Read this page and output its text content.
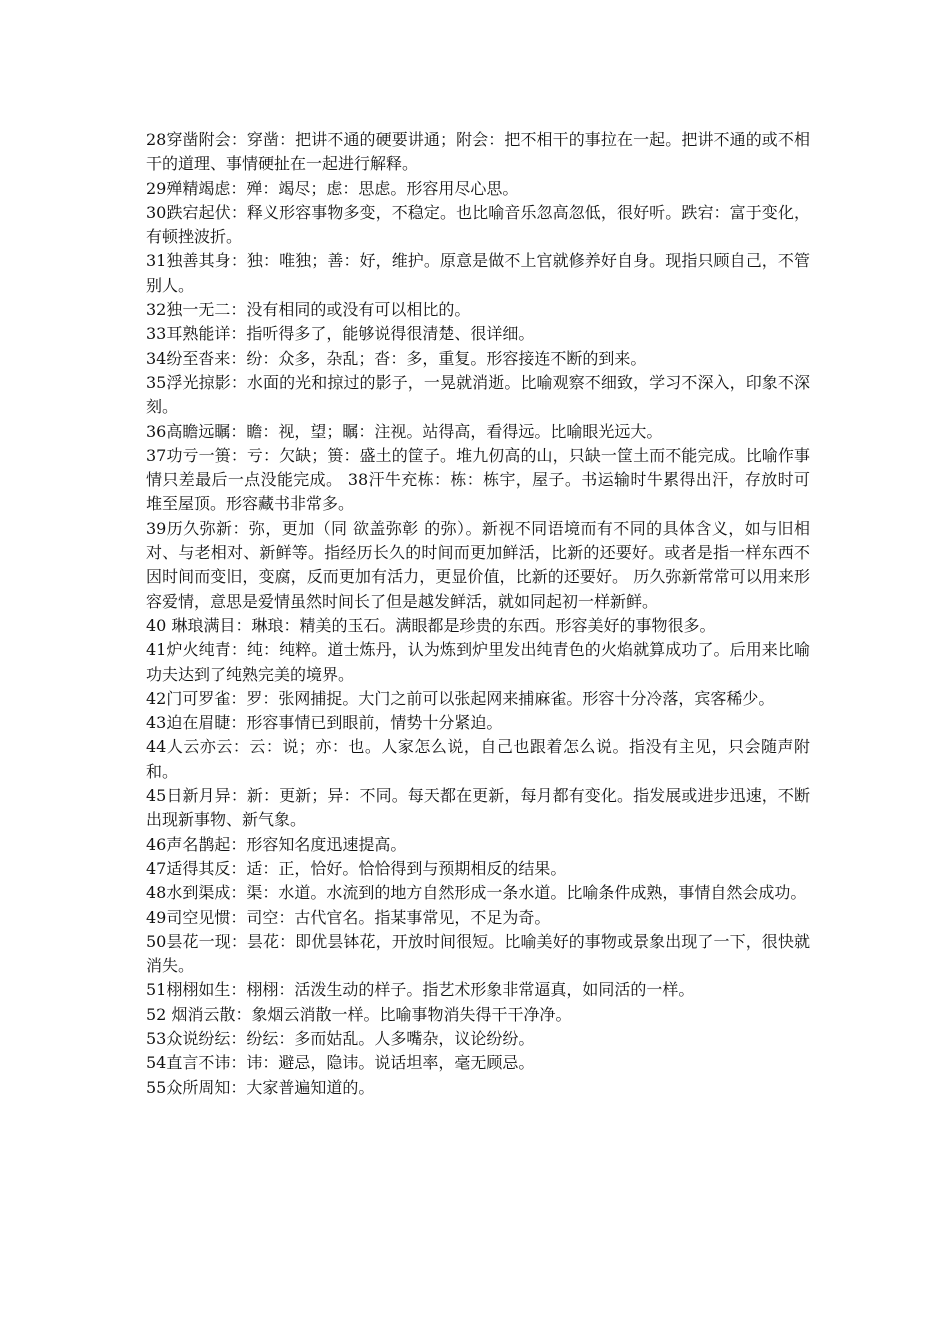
28穿凿附会：穿凿：把讲不通的硬要讲通；附会：把不相干的事拉在一起。把讲不通的或不相干的道理、事情硬扯在一起进行解释。

29殚精竭虑：殚：竭尽；虑：思虑。形容用尽心思。

30跌宕起伏：释义形容事物多变，不稳定。也比喻音乐忽高忽低，很好听。跌宕：富于变化，有顿挫波折。

31独善其身：独：唯独；善：好，维护。原意是做不上官就修养好自身。现指只顾自己，不管别人。

32独一无二：没有相同的或没有可以相比的。

33耳熟能详：指听得多了，能够说得很清楚、很详细。

34纷至沓来：纷：众多，杂乱；沓：多，重复。形容接连不断的到来。

35浮光掠影：水面的光和掠过的影子，一晃就消逝。比喻观察不细致，学习不深入，印象不深刻。

36高瞻远瞩：瞻：视，望；瞩：注视。站得高，看得远。比喻眼光远大。

37功亏一篑：亏：欠缺；篑：盛土的筐子。堆九仞高的山，只缺一筐土而不能完成。比喻作事情只差最后一点没能完成。 38汗牛充栋：栋：栋宇，屋子。书运输时牛累得出汗，存放时可堆至屋顶。形容藏书非常多。

39历久弥新：弥，更加（同 欲盖弥彰 的弥）。新视不同语境而有不同的具体含义，如与旧相对、与老相对、新鲜等。指经历长久的时间而更加鲜活，比新的还要好。或者是指一样东西不因时间而变旧，变腐，反而更加有活力，更显价值，比新的还要好。 历久弥新常常可以用来形容爱情，意思是爱情虽然时间长了但是越发鲜活，就如同起初一样新鲜。

40 琳琅满目：琳琅：精美的玉石。满眼都是珍贵的东西。形容美好的事物很多。

41炉火纯青：纯：纯粹。道士炼丹，认为炼到炉里发出纯青色的火焰就算成功了。后用来比喻功夫达到了纯熟完美的境界。

42门可罗雀：罗：张网捕捉。大门之前可以张起网来捕麻雀。形容十分冷落，宾客稀少。

43迫在眉睫：形容事情已到眼前，情势十分紧迫。

44人云亦云：云：说；亦：也。人家怎么说，自己也跟着怎么说。指没有主见，只会随声附和。

45日新月异：新：更新；异：不同。每天都在更新，每月都有变化。指发展或进步迅速，不断出现新事物、新气象。

46声名鹊起：形容知名度迅速提高。

47适得其反：适：正，恰好。恰恰得到与预期相反的结果。

48水到渠成：渠：水道。水流到的地方自然形成一条水道。比喻条件成熟，事情自然会成功。

49司空见惯：司空：古代官名。指某事常见，不足为奇。

50昙花一现：昙花：即优昙钵花，开放时间很短。比喻美好的事物或景象出现了一下，很快就消失。

51栩栩如生：栩栩：活泼生动的样子。指艺术形象非常逼真，如同活的一样。

52 烟消云散：象烟云消散一样。比喻事物消失得干干净净。

53众说纷纭：纷纭：多而姑乱。人多嘴杂，议论纷纷。

54直言不讳：讳：避忌，隐讳。说话坦率，毫无顾忌。

55众所周知：大家普遍知道的。
